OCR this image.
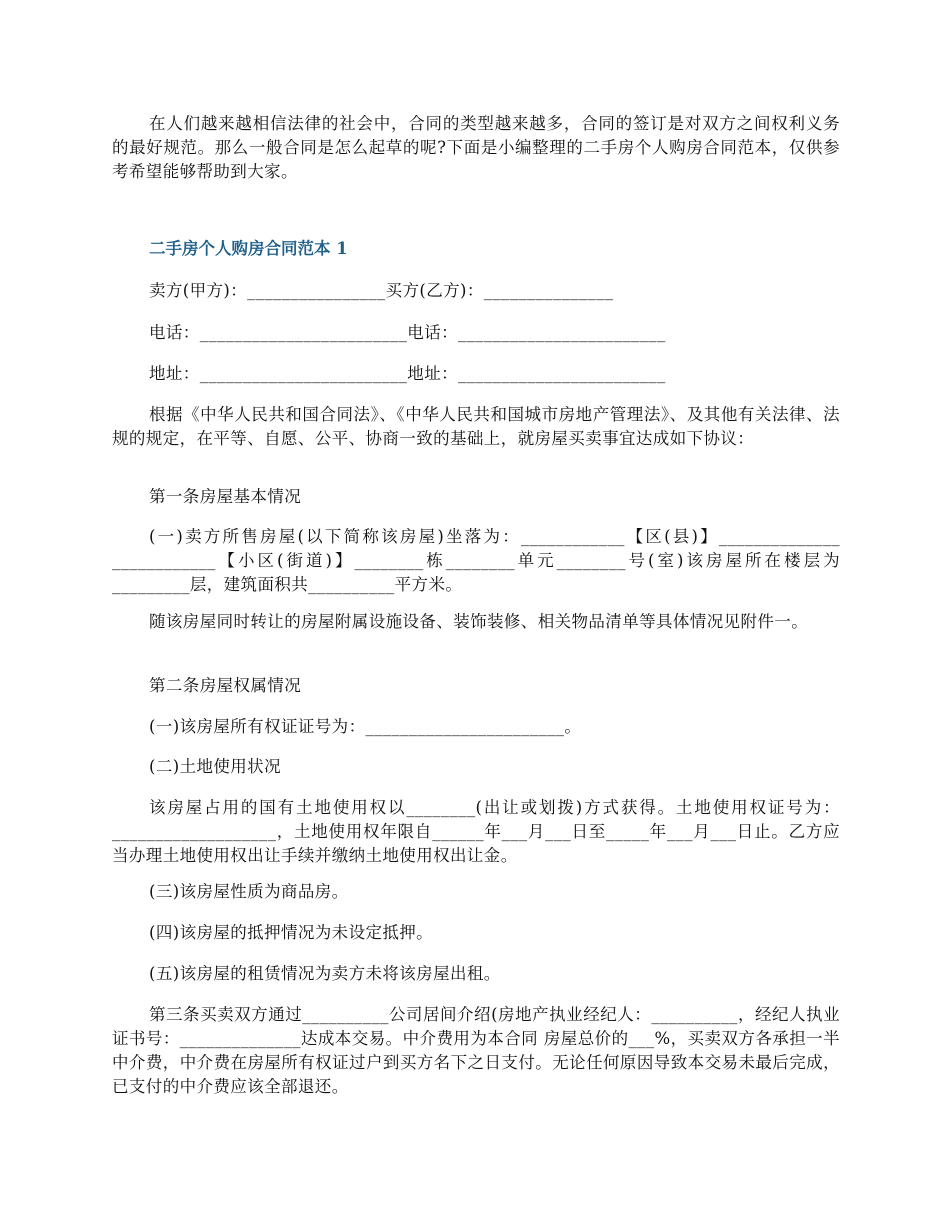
在人们越来越相信法律的社会中，合同的类型越来越多，合同的签订是对双方之间权利义务的最好规范。那么一般合同是怎么起草的呢?下面是小编整理的二手房个人购房合同范本，仅供参考希望能够帮助到大家。

二手房个人购房合同范本 1

卖方(甲方)：________________买方(乙方)：_______________

电话：________________________电话：________________________

地址：________________________地址：________________________

根据《中华人民共和国合同法》、《中华人民共和国城市房地产管理法》、及其他有关法律、法规的规定，在平等、自愿、公平、协商一致的基础上，就房屋买卖事宜达成如下协议：

第一条房屋基本情况

(一)卖方所售房屋(以下简称该房屋)坐落为：____________【区(县)】______________ ____________【小区(街道)】________栋________单元________号(室)该房屋所在楼层为_________层，建筑面积共__________平方米。

随该房屋同时转让的房屋附属设施设备、装饰装修、相关物品清单等具体情况见附件一。

第二条房屋权属情况

(一)该房屋所有权证证号为：_______________________。

(二)土地使用状况

该房屋占用的国有土地使用权以________(出让或划拨)方式获得。土地使用权证号为：___________________，土地使用权年限自______年___月___日至_____年___月___日止。乙方应当办理土地使用权出让手续并缴纳土地使用权出让金。

(三)该房屋性质为商品房。

(四)该房屋的抵押情况为未设定抵押。

(五)该房屋的租赁情况为卖方未将该房屋出租。

第三条买卖双方通过__________公司居间介绍(房地产执业经纪人：__________，经纪人执业证书号：______________达成本交易。中介费用为本合同 房屋总价的___%，买卖双方各承担一半中介费，中介费在房屋所有权证过户到买方名下之日支付。无论任何原因导致本交易未最后完成，已支付的中介费应该全部退还。
